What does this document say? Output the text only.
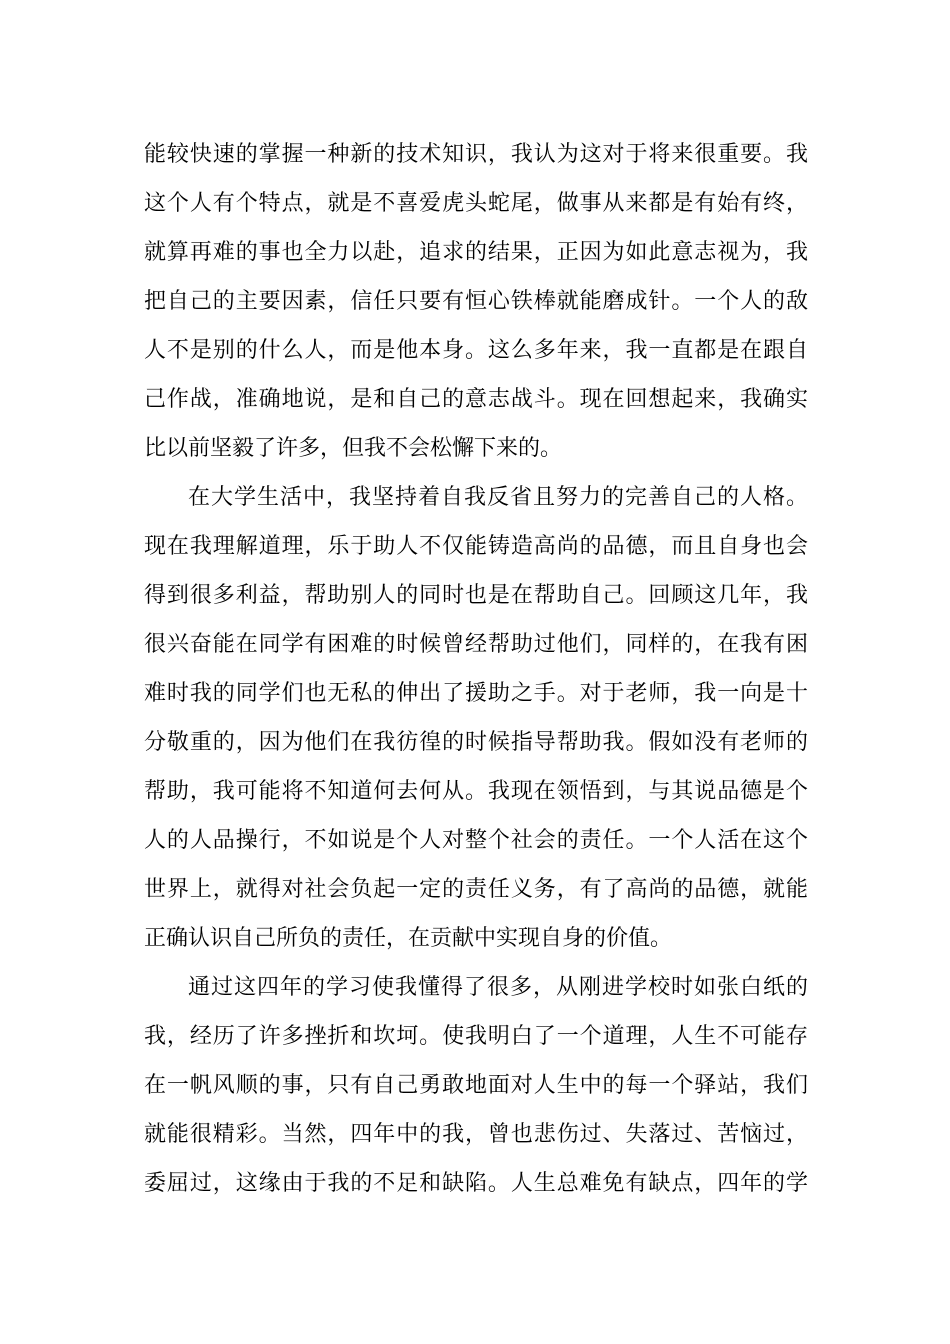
能较快速的掌握一种新的技术知识，我认为这对于将来很重要。我
这个人有个特点，就是不喜爱虎头蛇尾，做事从来都是有始有终，
就算再难的事也全力以赴，追求的结果，正因为如此意志视为，我
把自己的主要因素，信任只要有恒心铁棒就能磨成针。一个人的敌
人不是别的什么人，而是他本身。这么多年来，我一直都是在跟自
己作战，准确地说，是和自己的意志战斗。现在回想起来，我确实
比以前坚毅了许多，但我不会松懈下来的。
在大学生活中，我坚持着自我反省且努力的完善自己的人格。
现在我理解道理，乐于助人不仅能铸造高尚的品德，而且自身也会
得到很多利益，帮助别人的同时也是在帮助自己。回顾这几年，我
很兴奋能在同学有困难的时候曾经帮助过他们，同样的，在我有困
难时我的同学们也无私的伸出了援助之手。对于老师，我一向是十
分敬重的，因为他们在我彷徨的时候指导帮助我。假如没有老师的
帮助，我可能将不知道何去何从。我现在领悟到，与其说品德是个
人的人品操行，不如说是个人对整个社会的责任。一个人活在这个
世界上，就得对社会负起一定的责任义务，有了高尚的品德，就能
正确认识自己所负的责任，在贡献中实现自身的价值。
通过这四年的学习使我懂得了很多，从刚进学校时如张白纸的
我，经历了许多挫折和坎坷。使我明白了一个道理，人生不可能存
在一帆风顺的事，只有自己勇敢地面对人生中的每一个驿站，我们
就能很精彩。当然，四年中的我，曾也悲伤过、失落过、苦恼过，
委屈过，这缘由于我的不足和缺陷。人生总难免有缺点，四年的学
